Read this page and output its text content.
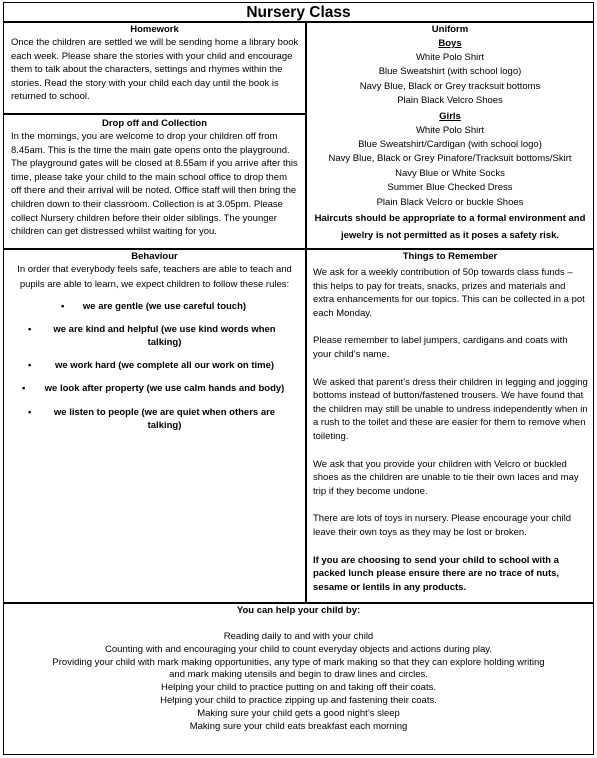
Nursery Class
Homework

Once the children are settled we will be sending home a library book each week. Please share the stories with your child and encourage them to talk about the characters, settings and rhymes within the stories. Read the story with your child each day until the book is returned to school.

Drop off and Collection

In the mornings, you are welcome to drop your children off from 8.45am. This is the time the main gate opens onto the playground. The playground gates will be closed at 8.55am if you arrive after this time, please take your child to the main school office to drop them off there and their arrival will be noted. Office staff will then bring the children down to their classroom. Collection is at 3.05pm. Please collect Nursery children before their older siblings. The younger children can get distressed whilst waiting for you.

Uniform
Boys
White Polo Shirt
Blue Sweatshirt (with school logo)
Navy Blue, Black or Grey tracksuit bottoms
Plain Black Velcro Shoes
Girls
White Polo Shirt
Blue Sweatshirt/Cardigan (with school logo)
Navy Blue, Black or Grey Pinafore/Tracksuit bottoms/Skirt
Navy Blue or White Socks
Summer Blue Checked Dress
Plain Black Velcro or buckle Shoes
Haircuts should be appropriate to a formal environment and jewelry is not permitted as it poses a safety risk.
Behaviour

In order that everybody feels safe, teachers are able to teach and pupils are able to learn, we expect children to follow these rules:

• we are gentle (we use careful touch)
• we are kind and helpful (we use kind words when talking)
• we work hard (we complete all our work on time)
• we look after property (we use calm hands and body)
• we listen to people (we are quiet when others are talking)
Things to Remember

We ask for a weekly contribution of 50p towards class funds – this helps to pay for treats, snacks, prizes and materials and extra enhancements for our topics. This can be collected in a pot each Monday.

Please remember to label jumpers, cardigans and coats with your child’s name.

We asked that parent’s dress their children in legging and jogging bottoms instead of button/fastened trousers. We have found that the children may still be unable to undress independently when in a rush to the toilet and these are easier for them to remove when toileting.

We ask that you provide your children with Velcro or buckled shoes as the children are unable to tie their own laces and may trip if they become undone.

There are lots of toys in nursery. Please encourage your child leave their own toys as they may be lost or broken.

If you are choosing to send your child to school with a packed lunch please ensure there are no trace of nuts, sesame or lentils in any products.

You can help your child by:
Reading daily to and with your child
Counting with and encouraging your child to count everyday objects and actions during play.
Providing your child with mark making opportunities, any type of mark making so that they can explore holding writing and mark making utensils and begin to draw lines and circles.
Helping your child to practice putting on and taking off their coats.
Helping your child to practice zipping up and fastening their coats.
Making sure your child gets a good night’s sleep
Making sure your child eats breakfast each morning
